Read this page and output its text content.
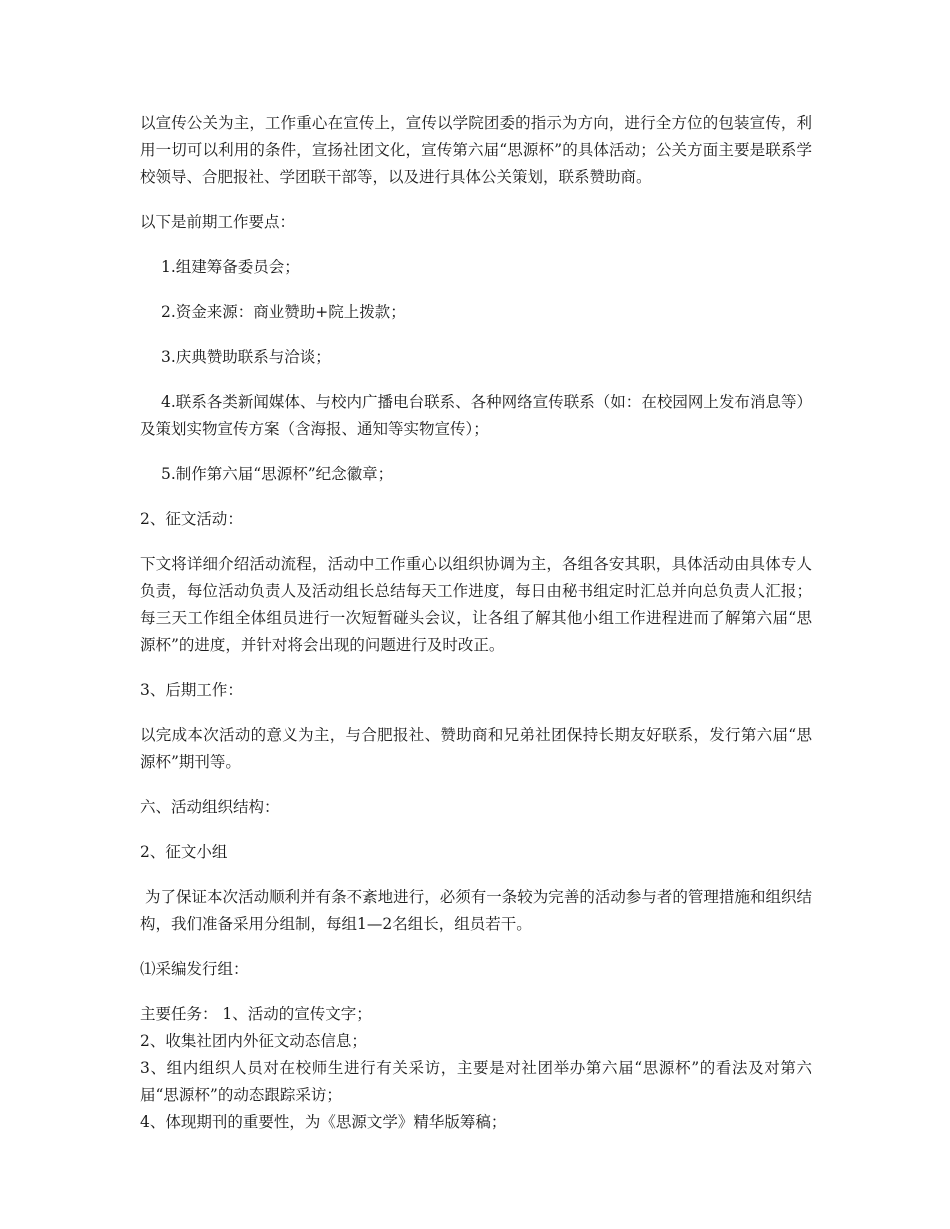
以宣传公关为主，工作重心在宣传上，宣传以学院团委的指示为方向，进行全方位的包装宣传，利用一切可以利用的条件，宣扬社团文化，宣传第六届“思源杯”的具体活动；公关方面主要是联系学校领导、合肥报社、学团联干部等，以及进行具体公关策划，联系赞助商。

以下是前期工作要点：

1.组建筹备委员会；

2.资金来源：商业赞助+院上拨款；

3.庆典赞助联系与洽谈；

4.联系各类新闻媒体、与校内广播电台联系、各种网络宣传联系（如：在校园网上发布消息等）及策划实物宣传方案（含海报、通知等实物宣传）；

5.制作第六届“思源杯”纪念徽章；

2、征文活动：

下文将详细介绍活动流程，活动中工作重心以组织协调为主，各组各安其职，具体活动由具体专人负责，每位活动负责人及活动组长总结每天工作进度，每日由秘书组定时汇总并向总负责人汇报；每三天工作组全体组员进行一次短暂碰头会议，让各组了解其他小组工作进程进而了解第六届“思源杯”的进度，并针对将会出现的问题进行及时改正。

3、后期工作：

以完成本次活动的意义为主，与合肥报社、赞助商和兄弟社团保持长期友好联系，发行第六届“思源杯”期刊等。

六、活动组织结构：

2、征文小组

为了保证本次活动顺利并有条不紊地进行，必须有一条较为完善的活动参与者的管理措施和组织结构，我们准备采用分组制，每组1—2名组长，组员若干。

⑴采编发行组：

主要任务： 1、活动的宣传文字；

2、收集社团内外征文动态信息；

3、组内组织人员对在校师生进行有关采访，主要是对社团举办第六届“思源杯”的看法及对第六届“思源杯”的动态跟踪采访；

4、体现期刊的重要性，为《思源文学》精华版筹稿；
